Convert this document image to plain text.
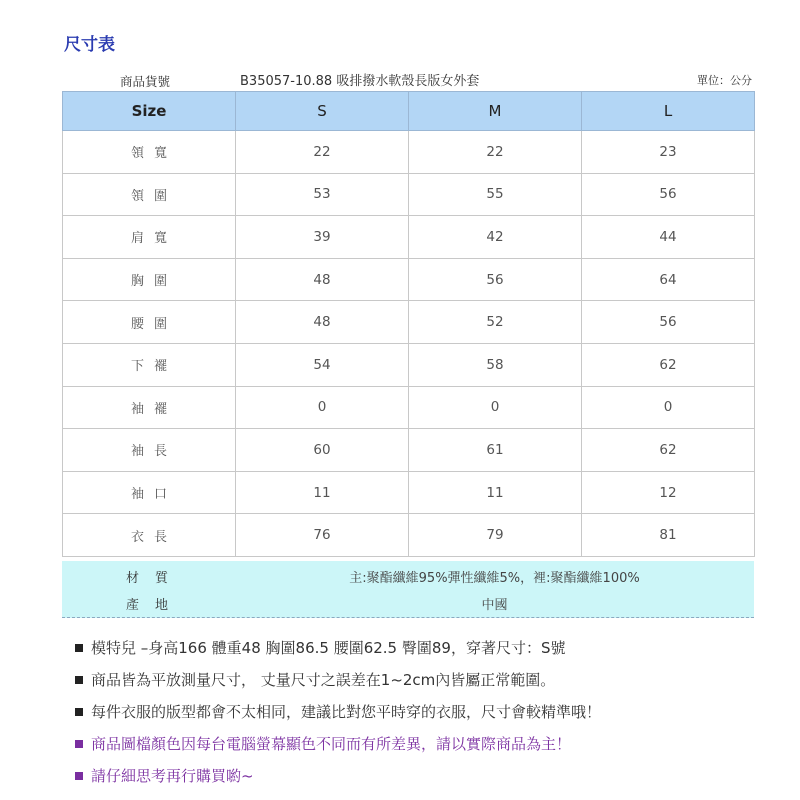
尺寸表
商品貨號	B35057-10.88 吸排撥水軟殼長版女外套	單位：公分
Size	S	M	L
領寬	22	22	23
領圍	53	55	56
肩寬	39	42	44
胸圍	48	56	64
腰圍	48	52	56
下襬	54	58	62
袖襬	0	0	0
袖長	60	61	62
袖口	11	11	12
衣長	76	79	81
材質	主:聚酯纖維95%彈性纖維5%，裡:聚酯纖維100%
產地	中國
模特兒 –身高166 體重48 胸圍86.5 腰圍62.5 臀圍89，穿著尺寸：S號
商品皆為平放測量尺寸， 丈量尺寸之誤差在1~2cm內皆屬正常範圍。
每件衣服的版型都會不太相同，建議比對您平時穿的衣服，尺寸會較精準哦！
商品圖檔顏色因每台電腦螢幕顯色不同而有所差異，請以實際商品為主！
請仔細思考再行購買喲~
